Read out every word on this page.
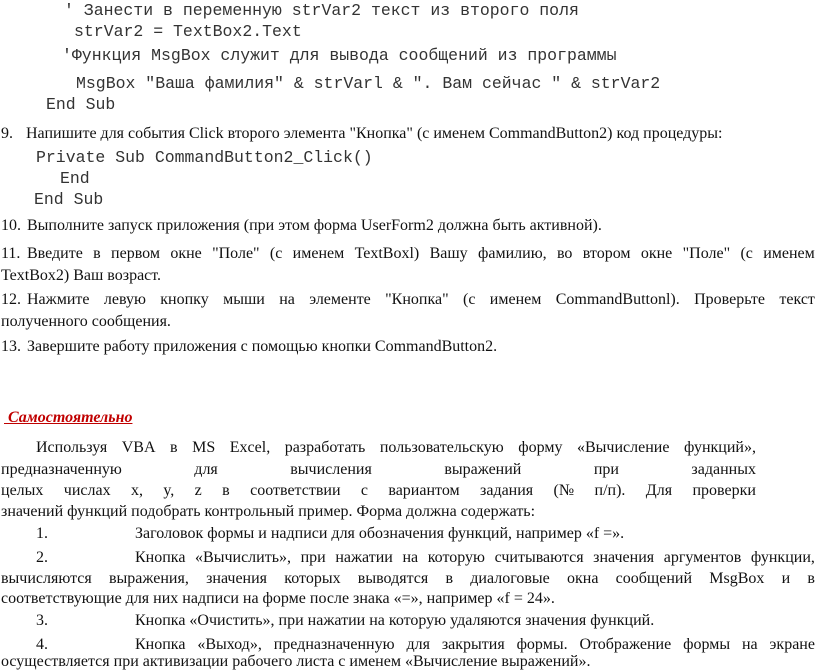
' Занести в переменную strVar2 текст из второго поля
strVar2 = TextBox2.Text
'Функция MsgBox служит для вывода сообщений из программы
MsgBox "Ваша фамилия" & strVarl & ". Вам сейчас " & strVar2
End Sub
9. Напишите для события Click второго элемента "Кнопка" (с именем CommandButton2) код процедуры:
Private Sub CommandButton2_Click()
End
End Sub
10. Выполните запуск приложения (при этом форма UserForm2 должна быть активной).
11. Введите в первом окне "Поле" (с именем TextBoxl) Вашу фамилию, во втором окне "Поле" (с именем
TextBox2) Ваш возраст.
12. Нажмите левую кнопку мыши на элементе "Кнопка" (с именем CommandButtonl). Проверьте текст
полученного сообщения.
13. Завершите работу приложения с помощью кнопки CommandButton2.
Самостоятельно
Используя VBA в MS Excel, разработать пользовательскую форму «Вычисление функций»,
предназначенную	для	вычисления	выражений	при	заданных
целых числах x, y, z в соответствии с вариантом задания (№ п/п). Для проверки
значений функций подобрать контрольный пример. Форма должна содержать:
1.	Заголовок формы и надписи для обозначения функций, например «f =».
2.	Кнопка «Вычислить», при нажатии на которую считываются значения аргументов функции,
вычисляются выражения, значения которых выводятся в диалоговые окна сообщений MsgBox и в
соответствующие для них надписи на форме после знака «=», например «f = 24».
3.	Кнопка «Очистить», при нажатии на которую удаляются значения функций.
4.	Кнопка «Выход», предназначенную для закрытия формы. Отображение формы на экране
осуществляется при активизации рабочего листа с именем «Вычисление выражений».
